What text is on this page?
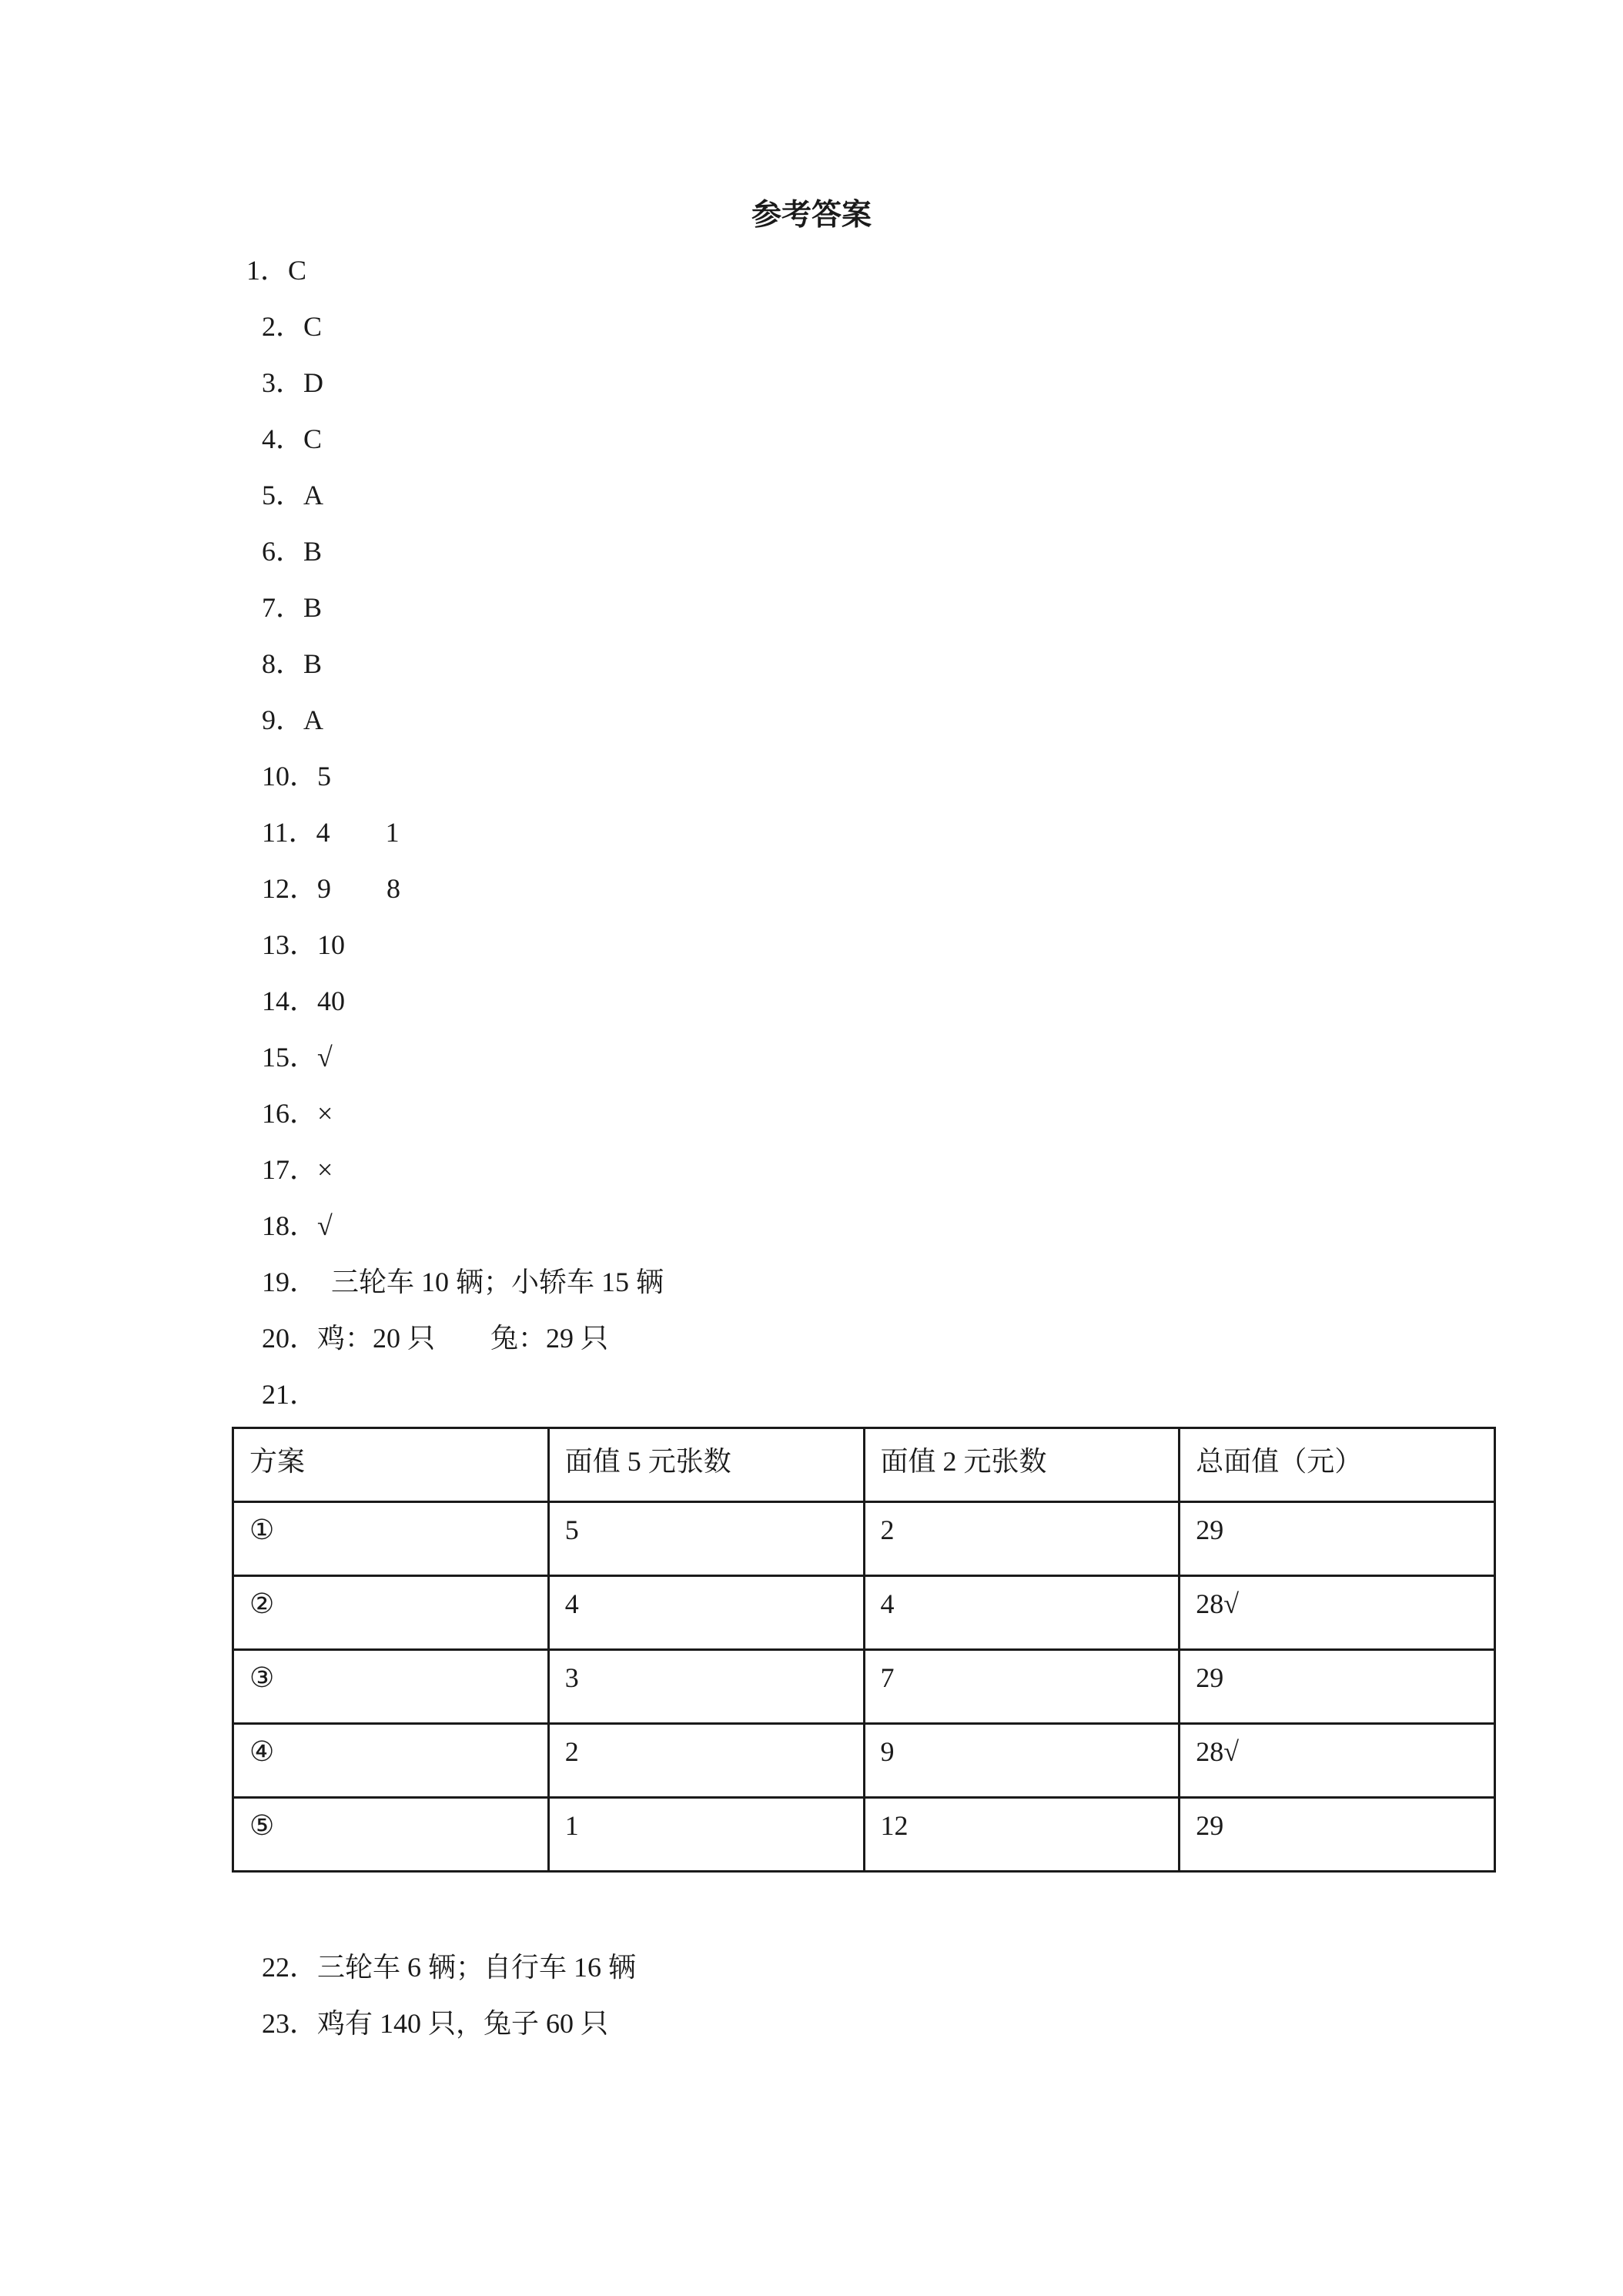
参考答案
1．C
2．C
3．D
4．C
5．A
6．B
7．B
8．B
9．A
10．5
11．4　　1
12．9　　8
13．10
14．40
15．√
16．×
17．×
18．√
19．　三轮车 10 辆；小轿车 15 辆
20．鸡：20 只　　兔：29 只
21．
方案	面值 5 元张数	面值 2 元张数	总面值（元）
①	5	2	29
②	4	4	28√
③	3	7	29
④	2	9	28√
⑤	1	12	29
22．三轮车 6 辆；自行车 16 辆
23．鸡有 140 只，兔子 60 只
